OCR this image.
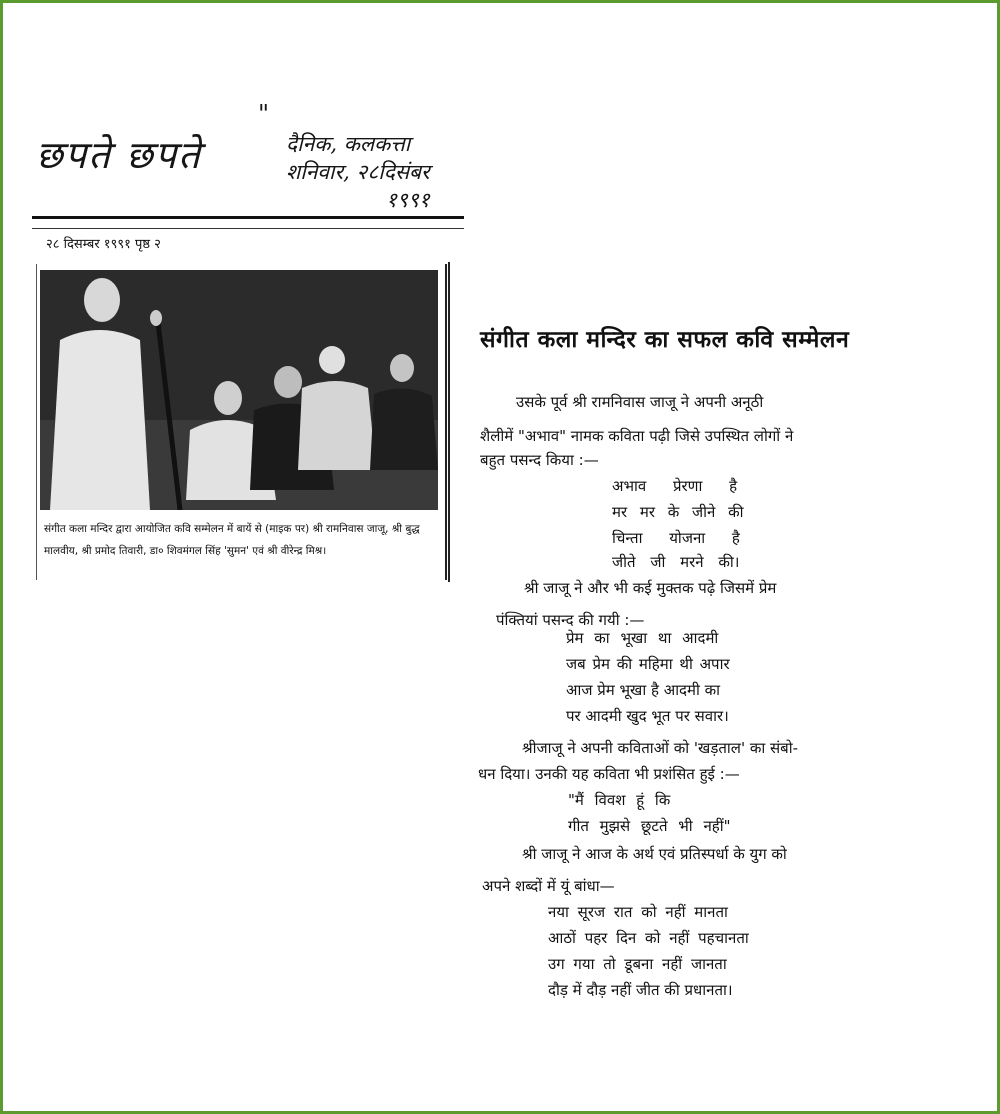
छपते छपते
"
दैनिक, कलकत्ता
शनिवार, २८दिसंबर
१९९१
२८ दिसम्बर १९९१ पृष्ठ २
संगीत कला मन्दिर द्वारा आयोजित कवि सम्मेलन में बायें से (माइक पर) श्री रामनिवास जाजू, श्री बुद्ध मालवीय, श्री प्रमोद तिवारी, डा० शिवमंगल सिंह 'सुमन' एवं श्री वीरेन्द्र मिश्र।
संगीत कला मन्दिर का सफल कवि सम्मेलन
उसके पूर्व श्री रामनिवास जाजू ने अपनी अनूठी
शैलीमें "अभाव" नामक कविता पढ़ी जिसे उपस्थित लोगों ने
बहुत पसन्द किया :—
अभाव प्रेरणा है
मर मर के जीने की
चिन्ता योजना है
जीते जी मरने की।
श्री जाजू ने और भी कई मुक्तक पढ़े जिसमें प्रेम
पंक्तियां पसन्द की गयी :—
प्रेम का भूखा था आदमी
जब प्रेम की महिमा थी अपार
आज प्रेम भूखा है आदमी का
पर आदमी खुद भूत पर सवार।
श्रीजाजू ने अपनी कविताओं को 'खड़ताल' का संबो-
धन दिया। उनकी यह कविता भी प्रशंसित हुई :—
"मैं विवश हूं कि
गीत मुझसे छूटते भी नहीं"
श्री जाजू ने आज के अर्थ एवं प्रतिस्पर्धा के युग को
अपने शब्दों में यूं बांधा—
नया सूरज रात को नहीं मानता
आठों पहर दिन को नहीं पहचानता
उग गया तो डूबना नहीं जानता
दौड़ में दौड़ नहीं जीत की प्रधानता।
